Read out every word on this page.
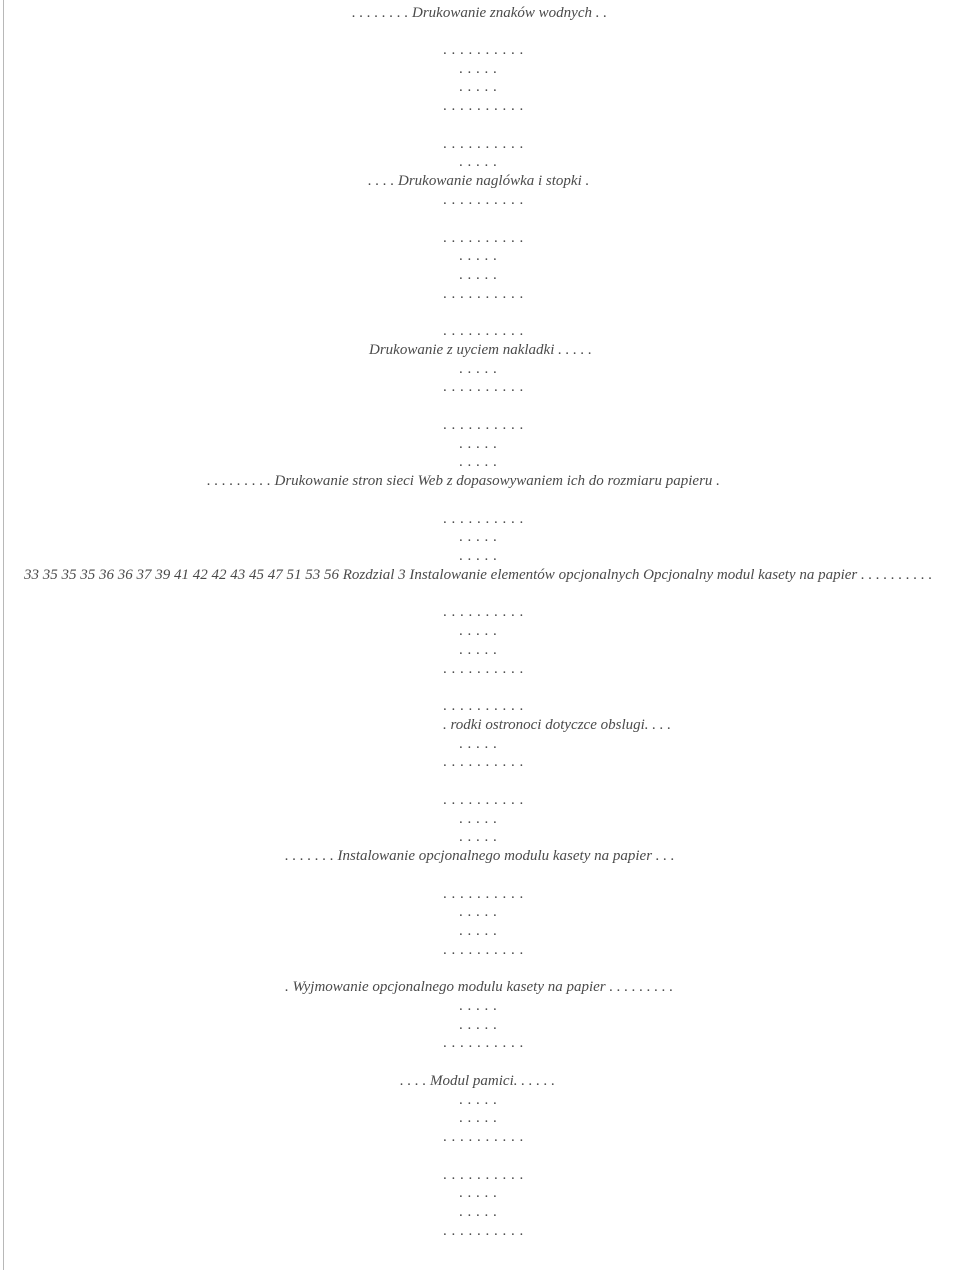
. . . . . . . . Drukowanie znaków wodnych . .
. . . . . . . . . .
. . . . .
. . . . .
. . . . . . . . . .
. . . . . . . . . .
. . . . .
. . . . Drukowanie naglówka i stopki .
. . . . . . . . . .
. . . . . . . . . .
. . . . .
. . . . .
. . . . . . . . . .
. . . . . . . . . .
Drukowanie z uyciem nakladki . . . . .
. . . . .
. . . . . . . . . .
. . . . . . . . . .
. . . . .
. . . . .
. . . . . . . . . Drukowanie stron sieci Web z dopasowywaniem ich do rozmiaru papieru .
. . . . . . . . . .
. . . . .
. . . . .
33 35 35 35 36 36 37 39 41 42 42 43 45 47 51 53 56 Rozdzial 3 Instalowanie elementów opcjonalnych Opcjonalny modul kasety na papier . . . . . . . . . .
. . . . . . . . . .
. . . . .
. . . . .
. . . . . . . . . .
. . . . . . . . . .
. rodki ostronoci dotyczce obslugi. . . .
. . . . .
. . . . . . . . . .
. . . . . . . . . .
. . . . .
. . . . .
. . . . . . . Instalowanie opcjonalnego modulu kasety na papier . . .
. . . . . . . . . .
. . . . .
. . . . .
. . . . . . . . . .
. Wyjmowanie opcjonalnego modulu kasety na papier . . . . . . . . .
. . . . .
. . . . .
. . . . . . . . . .
. . . . Modul pamici. . . . . .
. . . . .
. . . . .
. . . . . . . . . .
. . . . . . . . . .
. . . . .
. . . . .
. . . . . . . . . .
